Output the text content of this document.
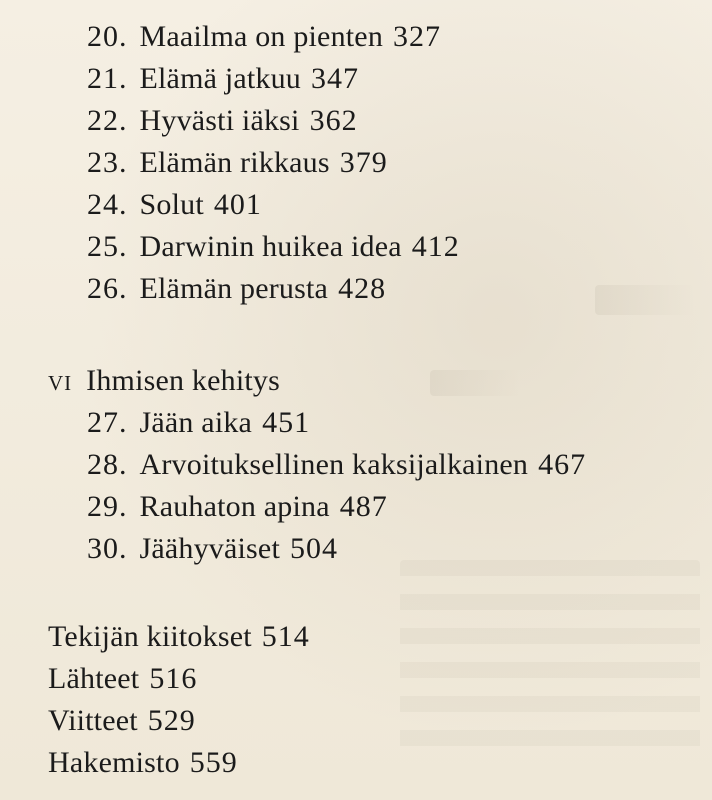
20. Maailma on pienten 327
21. Elämä jatkuu 347
22. Hyvästi iäksi 362
23. Elämän rikkaus 379
24. Solut 401
25. Darwinin huikea idea 412
26. Elämän perusta 428
vi Ihmisen kehitys
27. Jään aika 451
28. Arvoituksellinen kaksijalkainen 467
29. Rauhaton apina 487
30. Jäähyväiset 504
Tekijän kiitokset 514
Lähteet 516
Viitteet 529
Hakemisto 559
